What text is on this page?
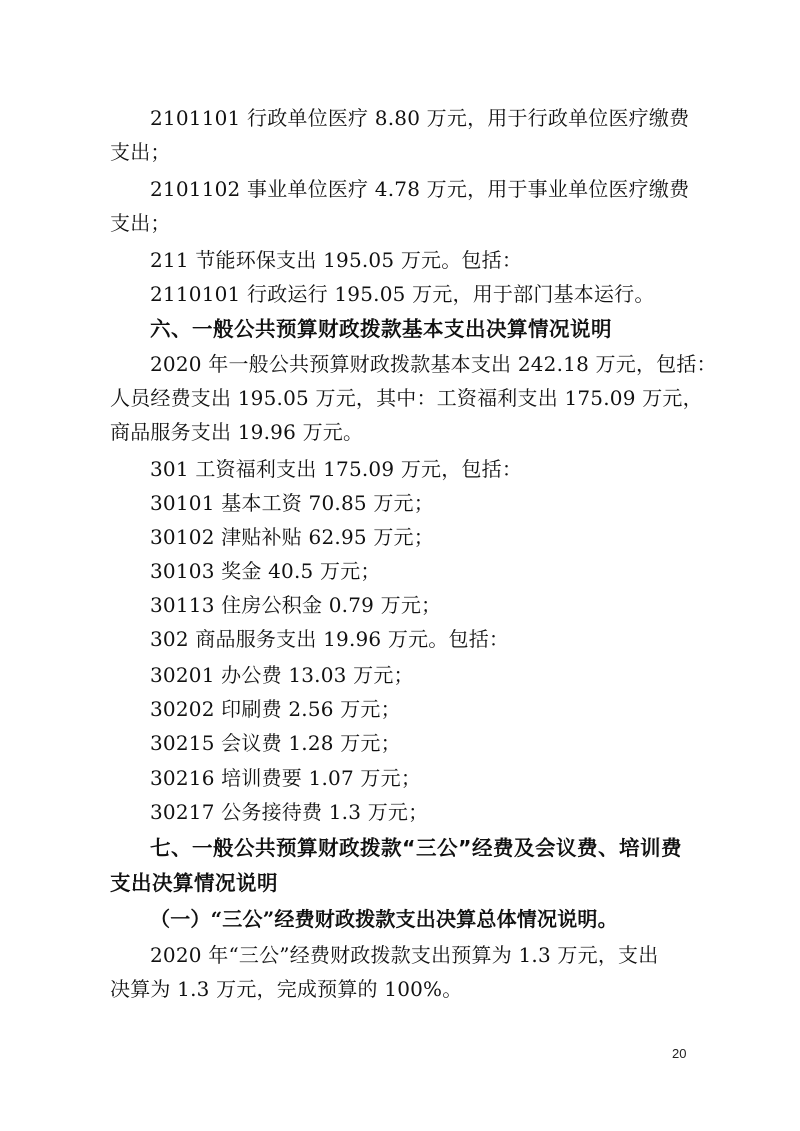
2101101 行政单位医疗 8.80 万元，用于行政单位医疗缴费
支出；
2101102 事业单位医疗 4.78 万元，用于事业单位医疗缴费
支出；
211 节能环保支出 195.05 万元。包括：
2110101 行政运行 195.05 万元，用于部门基本运行。
六、一般公共预算财政拨款基本支出决算情况说明
2020 年一般公共预算财政拨款基本支出 242.18 万元，包括：
人员经费支出 195.05 万元，其中：工资福利支出 175.09 万元，
商品服务支出 19.96 万元。
301 工资福利支出 175.09 万元，包括：
30101 基本工资 70.85 万元；
30102 津贴补贴 62.95 万元；
30103 奖金 40.5 万元；
30113 住房公积金 0.79 万元；
302 商品服务支出 19.96 万元。包括：
30201 办公费 13.03 万元；
30202 印刷费 2.56 万元；
30215 会议费 1.28 万元；
30216 培训费要 1.07 万元；
30217 公务接待费 1.3 万元；
七、一般公共预算财政拨款“三公”经费及会议费、培训费
支出决算情况说明
（一）“三公”经费财政拨款支出决算总体情况说明。
2020 年“三公”经费财政拨款支出预算为 1.3 万元，支出
决算为 1.3 万元，完成预算的 100%。
20
